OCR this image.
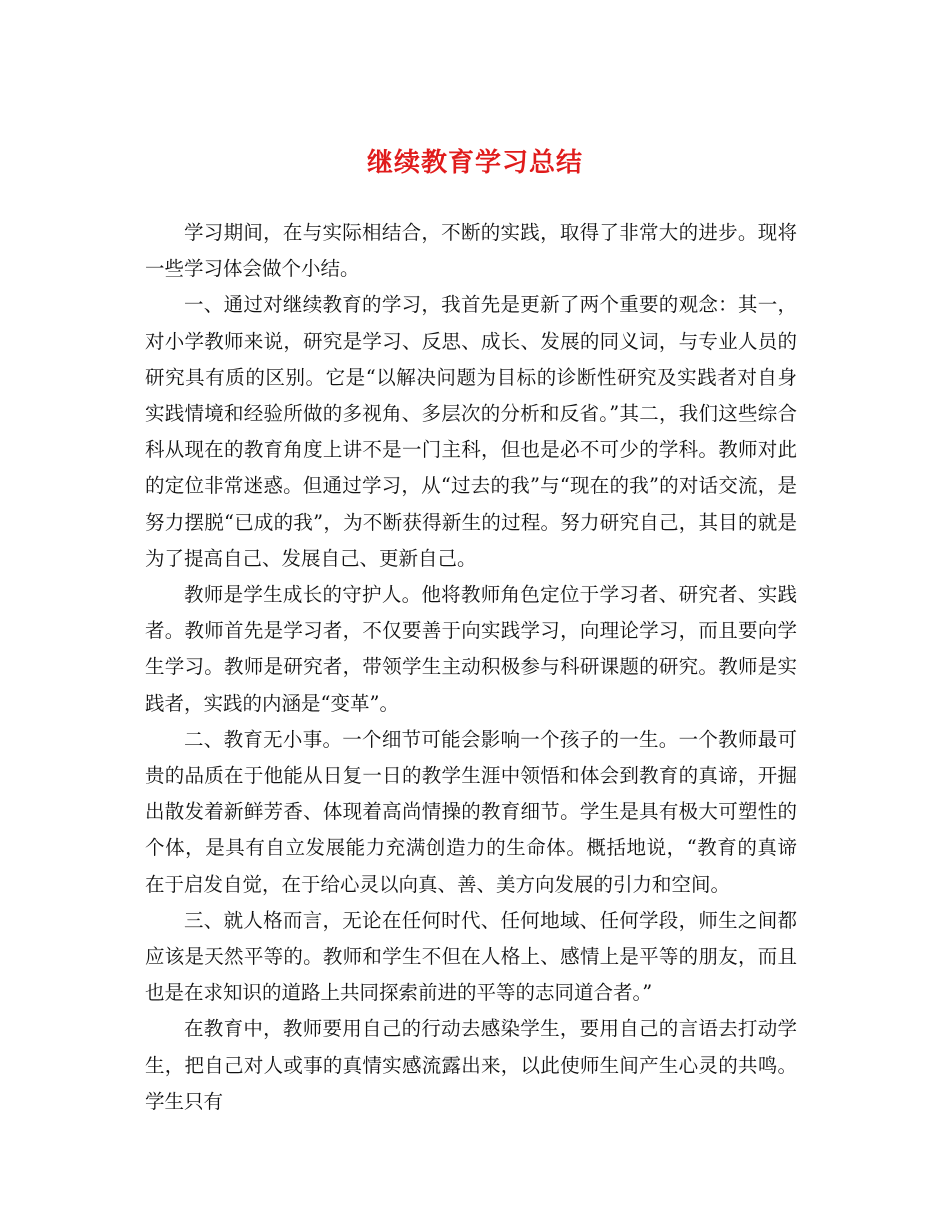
继续教育学习总结

学习期间，在与实际相结合，不断的实践，取得了非常大的进步。现将一些学习体会做个小结。

一、通过对继续教育的学习，我首先是更新了两个重要的观念：其一，对小学教师来说，研究是学习、反思、成长、发展的同义词，与专业人员的研究具有质的区别。它是“以解决问题为目标的诊断性研究及实践者对自身实践情境和经验所做的多视角、多层次的分析和反省。”其二，我们这些综合科从现在的教育角度上讲不是一门主科，但也是必不可少的学科。教师对此的定位非常迷惑。但通过学习，从“过去的我”与“现在的我”的对话交流，是努力摆脱“已成的我”，为不断获得新生的过程。努力研究自己，其目的就是为了提高自己、发展自己、更新自己。

教师是学生成长的守护人。他将教师角色定位于学习者、研究者、实践者。教师首先是学习者，不仅要善于向实践学习，向理论学习，而且要向学生学习。教师是研究者，带领学生主动积极参与科研课题的研究。教师是实践者，实践的内涵是“变革”。

二、教育无小事。一个细节可能会影响一个孩子的一生。一个教师最可贵的品质在于他能从日复一日的教学生涯中领悟和体会到教育的真谛，开掘出散发着新鲜芳香、体现着高尚情操的教育细节。学生是具有极大可塑性的个体，是具有自立发展能力充满创造力的生命体。概括地说，“教育的真谛在于启发自觉，在于给心灵以向真、善、美方向发展的引力和空间。

三、就人格而言，无论在任何时代、任何地域、任何学段，师生之间都应该是天然平等的。教师和学生不但在人格上、感情上是平等的朋友，而且也是在求知识的道路上共同探索前进的平等的志同道合者。”

在教育中，教师要用自己的行动去感染学生，要用自己的言语去打动学生，把自己对人或事的真情实感流露出来，以此使师生间产生心灵的共鸣。学生只有
